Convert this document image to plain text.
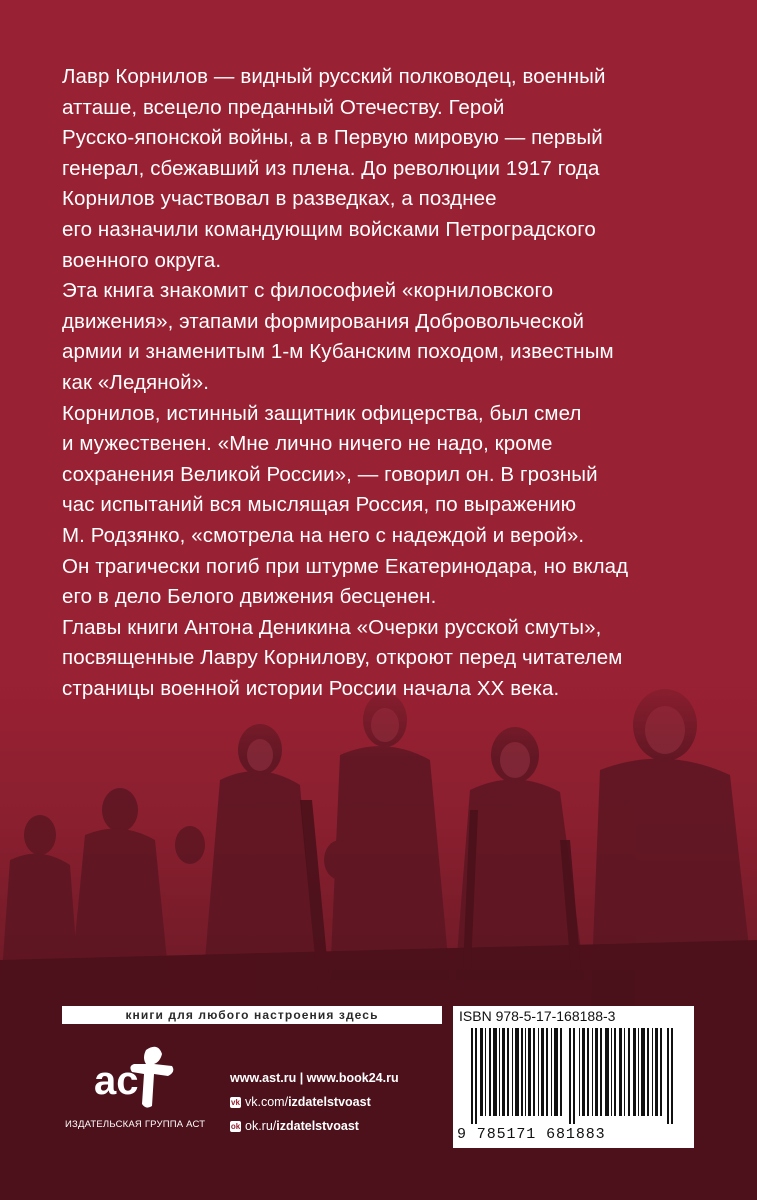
Лавр Корнилов — видный русский полководец, военный
атташе, всецело преданный Отечеству. Герой
Русско-японской войны, а в Первую мировую — первый
генерал, сбежавший из плена. До революции 1917 года
Корнилов участвовал в разведках, а позднее
его назначили командующим войсками Петроградского
военного округа.

Эта книга знакомит с философией «корниловского
движения», этапами формирования Добровольческой
армии и знаменитым 1-м Кубанским походом, известным
как «Ледяной».

Корнилов, истинный защитник офицерства, был смел
и мужественен. «Мне лично ничего не надо, кроме
сохранения Великой России», — говорил он. В грозный
час испытаний вся мыслящая Россия, по выражению
М. Родзянко, «смотрела на него с надеждой и верой».
Он трагически погиб при штурме Екатеринодара, но вклад
его в дело Белого движения бесценен.

Главы книги Антона Деникина «Очерки русской смуты»,
посвященные Лавру Корнилову, откроют перед читателем
страницы военной истории России начала XX века.

книги для любого настроения здесь	ISBN 978-5-17-168188-3
9 785171 681883
ac
ИЗДАТЕЛЬСКАЯ ГРУППА АСТ
www.ast.ru | www.book24.ru
vk vk.com/ izdatelstvoast
ok ok.ru/ izdatelstvoast
